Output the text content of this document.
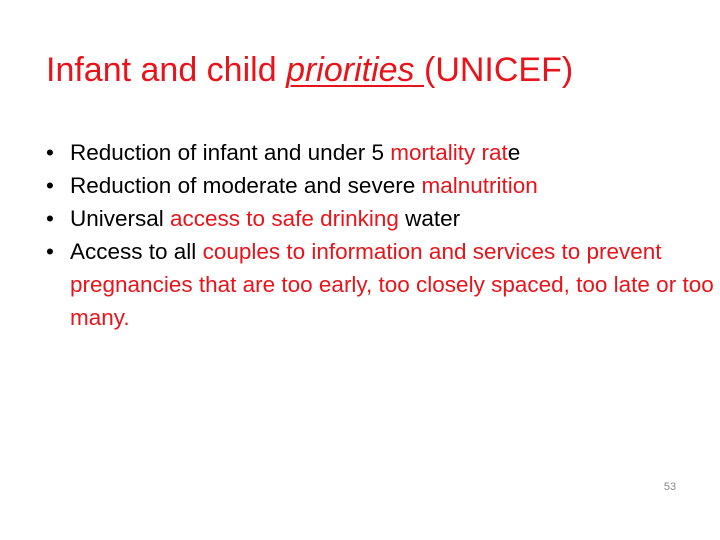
Infant and child priorities (UNICEF)
• Reduction of infant and under 5 mortality rate
• Reduction of moderate and severe malnutrition
• Universal access to safe drinking water
• Access to all couples to information and services to prevent pregnancies that are too early, too closely spaced, too late or too many.
53
